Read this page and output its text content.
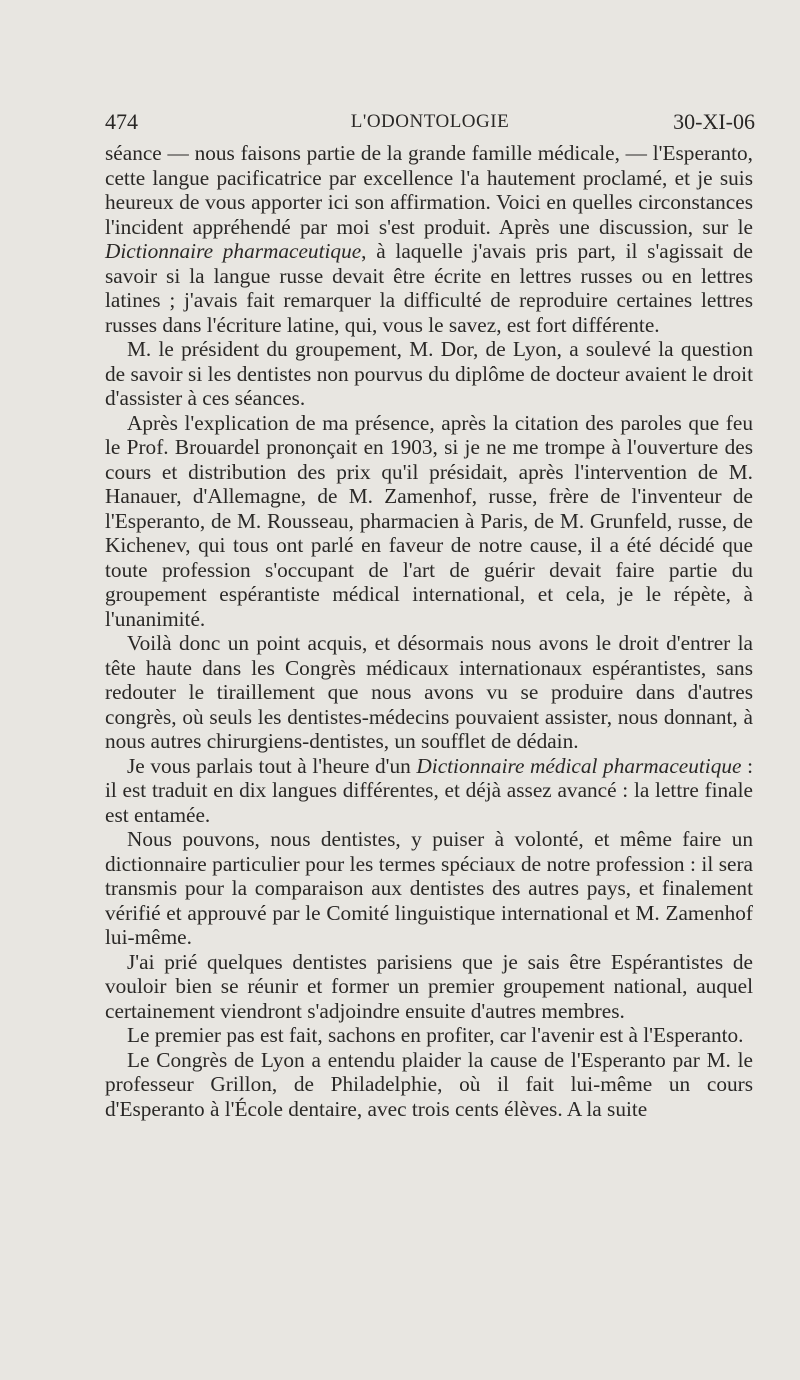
474	L'ODONTOLOGIE	30-XI-06

séance — nous faisons partie de la grande famille médicale, — l'Esperanto, cette langue pacificatrice par excellence l'a hautement proclamé, et je suis heureux de vous apporter ici son affirmation. Voici en quelles circonstances l'incident appréhendé par moi s'est produit. Après une discussion, sur le Dictionnaire pharmaceutique, à laquelle j'avais pris part, il s'agissait de savoir si la langue russe devait être écrite en lettres russes ou en lettres latines ; j'avais fait remarquer la difficulté de reproduire certaines lettres russes dans l'écriture latine, qui, vous le savez, est fort différente.

M. le président du groupement, M. Dor, de Lyon, a soulevé la question de savoir si les dentistes non pourvus du diplôme de docteur avaient le droit d'assister à ces séances.

Après l'explication de ma présence, après la citation des paroles que feu le Prof. Brouardel prononçait en 1903, si je ne me trompe à l'ouverture des cours et distribution des prix qu'il présidait, après l'intervention de M. Hanauer, d'Allemagne, de M. Zamenhof, russe, frère de l'inventeur de l'Esperanto, de M. Rousseau, pharmacien à Paris, de M. Grunfeld, russe, de Kichenev, qui tous ont parlé en faveur de notre cause, il a été décidé que toute profession s'occupant de l'art de guérir devait faire partie du groupement espérantiste médical international, et cela, je le répète, à l'unanimité.

Voilà donc un point acquis, et désormais nous avons le droit d'entrer la tête haute dans les Congrès médicaux internationaux espérantistes, sans redouter le tiraillement que nous avons vu se produire dans d'autres congrès, où seuls les dentistes-médecins pouvaient assister, nous donnant, à nous autres chirurgiens-dentistes, un soufflet de dédain.

Je vous parlais tout à l'heure d'un Dictionnaire médical pharmaceutique : il est traduit en dix langues différentes, et déjà assez avancé : la lettre finale est entamée.

Nous pouvons, nous dentistes, y puiser à volonté, et même faire un dictionnaire particulier pour les termes spéciaux de notre profession : il sera transmis pour la comparaison aux dentistes des autres pays, et finalement vérifié et approuvé par le Comité linguistique international et M. Zamenhof lui-même.

J'ai prié quelques dentistes parisiens que je sais être Espérantistes de vouloir bien se réunir et former un premier groupement national, auquel certainement viendront s'adjoindre ensuite d'autres membres.

Le premier pas est fait, sachons en profiter, car l'avenir est à l'Esperanto.

Le Congrès de Lyon a entendu plaider la cause de l'Esperanto par M. le professeur Grillon, de Philadelphie, où il fait lui-même un cours d'Esperanto à l'École dentaire, avec trois cents élèves. A la suite
